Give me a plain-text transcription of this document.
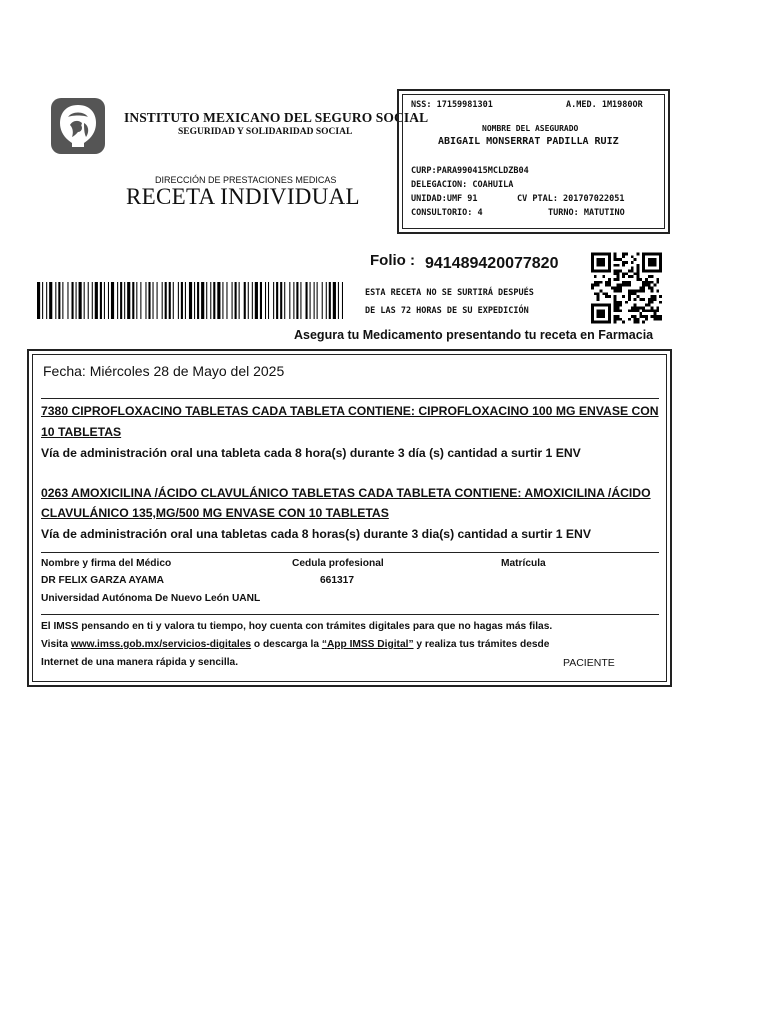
INSTITUTO MEXICANO DEL SEGURO SOCIAL
SEGURIDAD Y SOLIDARIDAD SOCIAL
DIRECCIÓN DE PRESTACIONES MEDICAS
RECETA INDIVIDUAL
NSS: 17159981301	A.MED. 1M1980OR
NOMBRE DEL ASEGURADO
ABIGAIL MONSERRAT PADILLA RUIZ
CURP:PARA990415MCLDZB04
DELEGACION: COAHUILA
UNIDAD:UMF 91	CV PTAL: 201707022051
CONSULTORIO: 4	TURNO: MATUTINO
Folio : 941489420077820
ESTA RECETA NO SE SURTIRÁ DESPUÉS
DE LAS 72 HORAS DE SU EXPEDICIÓN
Asegura tu Medicamento presentando tu receta en Farmacia
Fecha: Miércoles 28 de Mayo del 2025
7380 CIPROFLOXACINO TABLETAS CADA TABLETA CONTIENE: CIPROFLOXACINO 100 MG ENVASE CON
10 TABLETAS
Vía de administración oral una tableta cada 8 hora(s) durante 3 día (s) cantidad a surtir 1 ENV
0263 AMOXICILINA /ÁCIDO CLAVULÁNICO TABLETAS CADA TABLETA CONTIENE: AMOXICILINA /ÁCIDO
CLAVULÁNICO 135,MG/500 MG ENVASE CON 10 TABLETAS
Vía de administración oral una tabletas cada 8 horas(s) durante 3 dia(s) cantidad a surtir 1 ENV
Nombre y firma del Médico	Cedula profesional	Matrícula
DR FELIX GARZA AYAMA	661317
Universidad Autónoma De Nuevo León UANL
El IMSS pensando en ti y valora tu tiempo, hoy cuenta con trámites digitales para que no hagas más filas.
Visita www.imss.gob.mx/servicios-digitales o descarga la “App IMSS Digital” y realiza tus trámites desde
Internet de una manera rápida y sencilla.	PACIENTE
